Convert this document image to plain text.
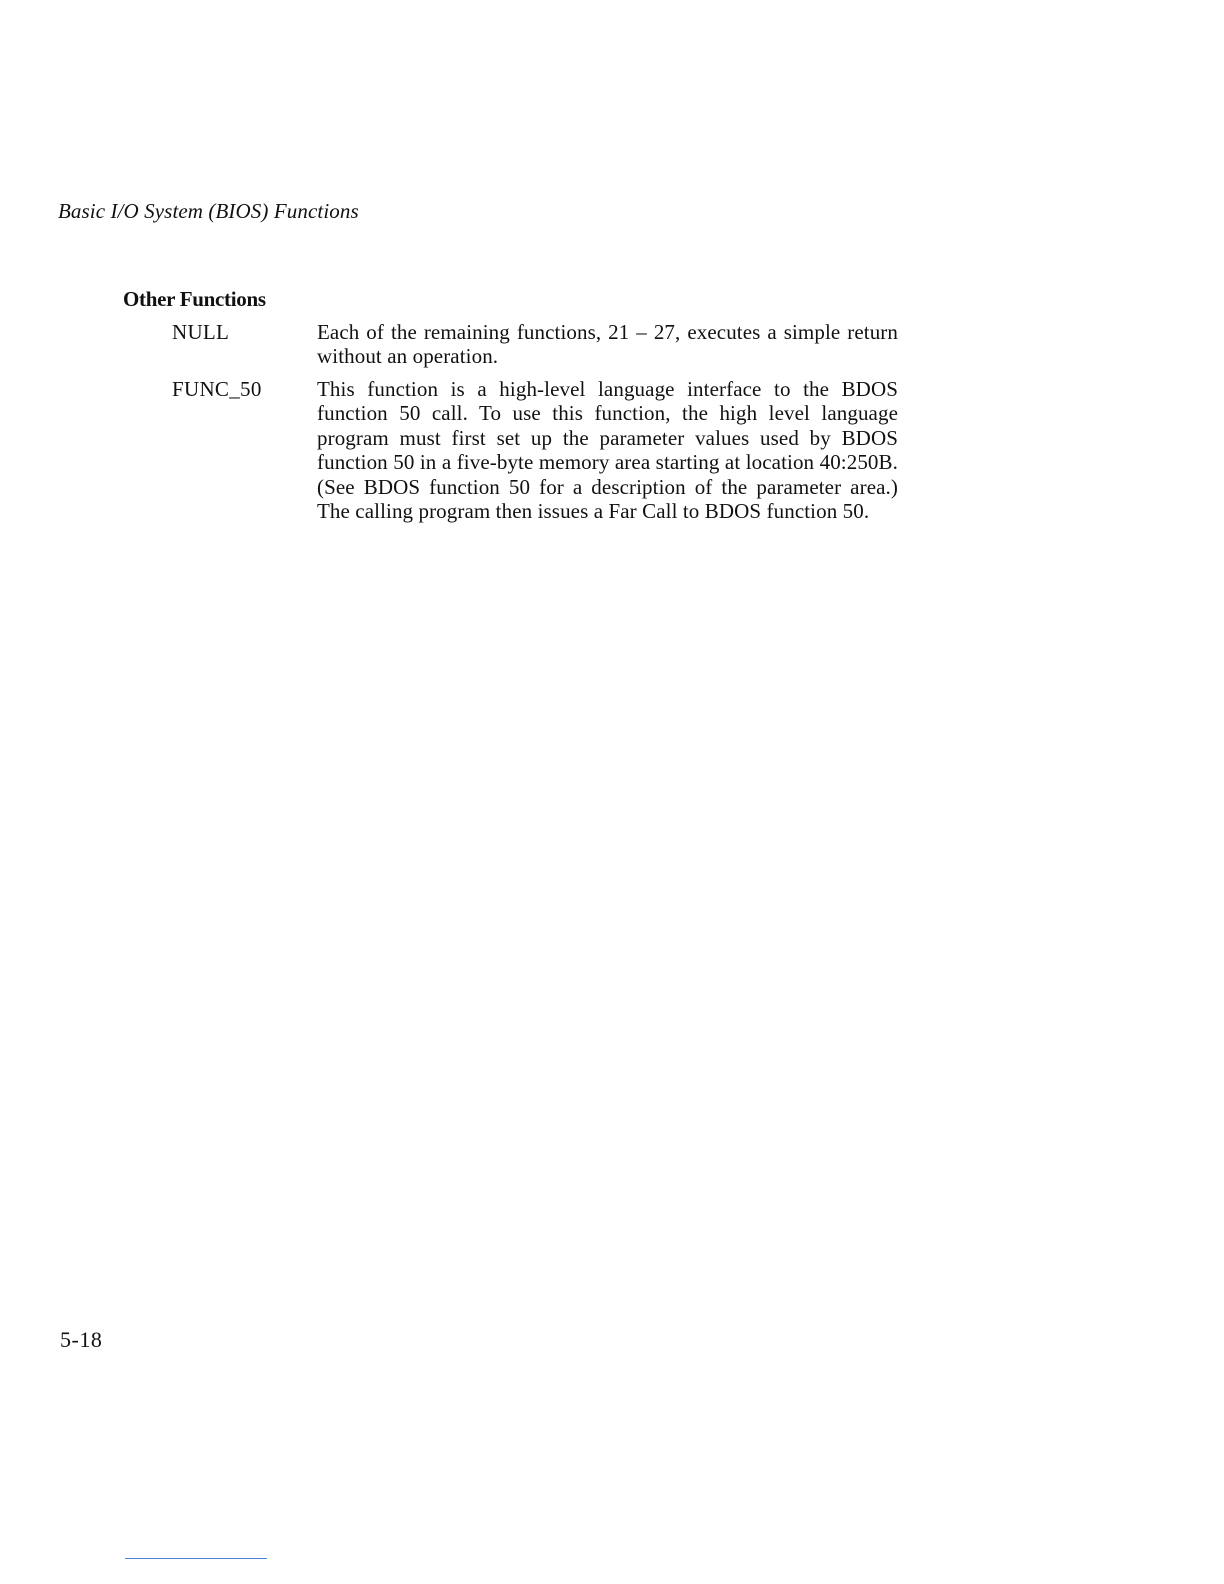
Basic I/O System (BIOS) Functions
Other Functions
NULL	Each of the remaining functions, 21 – 27, executes a simple return without an operation.
FUNC_50	This function is a high-level language interface to the BDOS function 50 call. To use this function, the high level language program must first set up the parameter values used by BDOS function 50 in a five-byte memory area starting at location 40:250B. (See BDOS function 50 for a description of the parameter area.) The calling program then issues a Far Call to BDOS function 50.
5-18
